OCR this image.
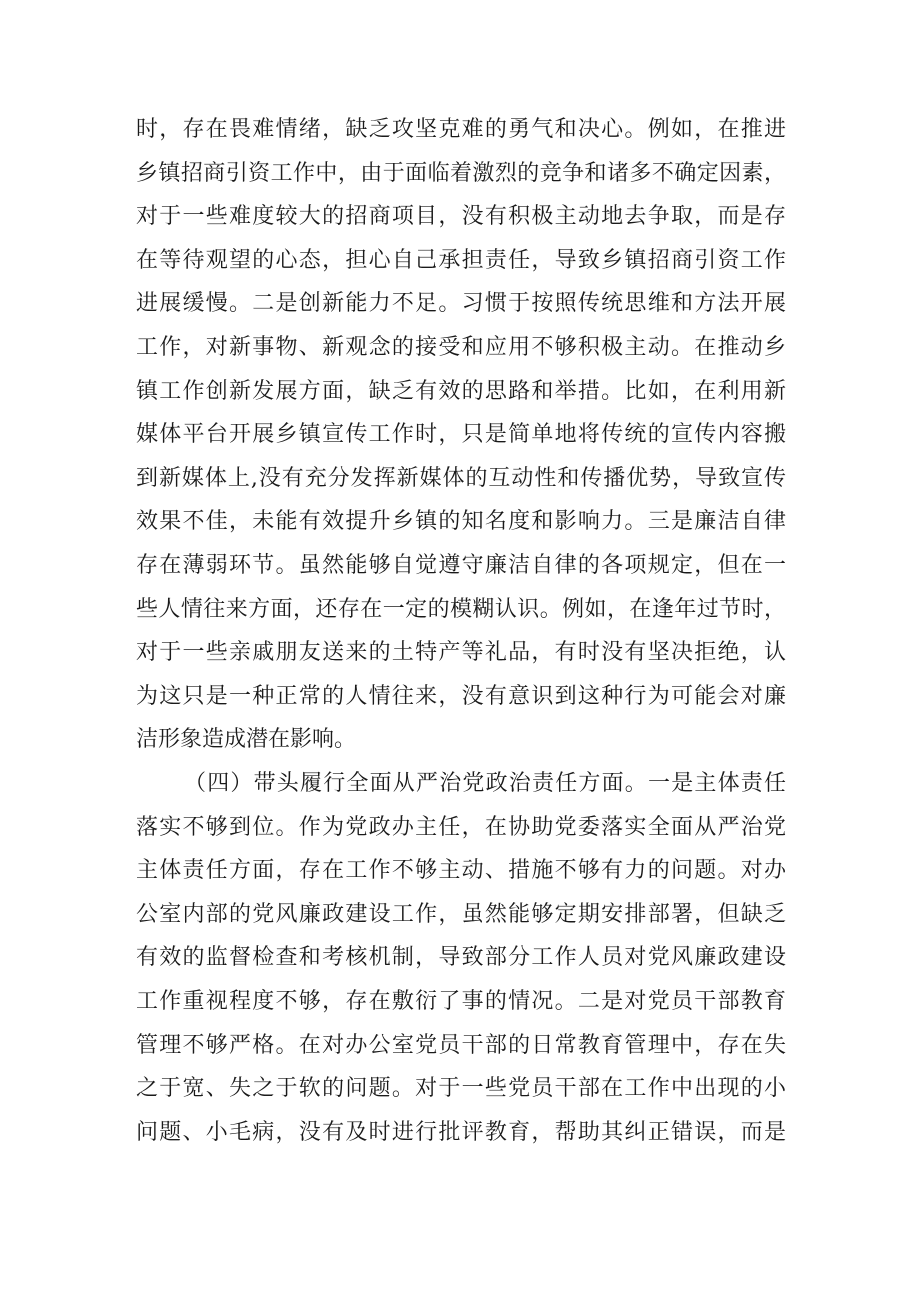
时，存在畏难情绪，缺乏攻坚克难的勇气和决心。例如，在推进
乡镇招商引资工作中，由于面临着激烈的竞争和诸多不确定因素，
对于一些难度较大的招商项目，没有积极主动地去争取，而是存
在等待观望的心态，担心自己承担责任，导致乡镇招商引资工作
进展缓慢。二是创新能力不足。习惯于按照传统思维和方法开展
工作，对新事物、新观念的接受和应用不够积极主动。在推动乡
镇工作创新发展方面，缺乏有效的思路和举措。比如，在利用新
媒体平台开展乡镇宣传工作时，只是简单地将传统的宣传内容搬
到新媒体上,没有充分发挥新媒体的互动性和传播优势，导致宣传
效果不佳，未能有效提升乡镇的知名度和影响力。三是廉洁自律
存在薄弱环节。虽然能够自觉遵守廉洁自律的各项规定，但在一
些人情往来方面，还存在一定的模糊认识。例如，在逢年过节时，
对于一些亲戚朋友送来的土特产等礼品，有时没有坚决拒绝，认
为这只是一种正常的人情往来，没有意识到这种行为可能会对廉
洁形象造成潜在影响。
（四）带头履行全面从严治党政治责任方面。一是主体责任
落实不够到位。作为党政办主任，在协助党委落实全面从严治党
主体责任方面，存在工作不够主动、措施不够有力的问题。对办
公室内部的党风廉政建设工作，虽然能够定期安排部署，但缺乏
有效的监督检查和考核机制，导致部分工作人员对党风廉政建设
工作重视程度不够，存在敷衍了事的情况。二是对党员干部教育
管理不够严格。在对办公室党员干部的日常教育管理中，存在失
之于宽、失之于软的问题。对于一些党员干部在工作中出现的小
问题、小毛病，没有及时进行批评教育，帮助其纠正错误，而是
